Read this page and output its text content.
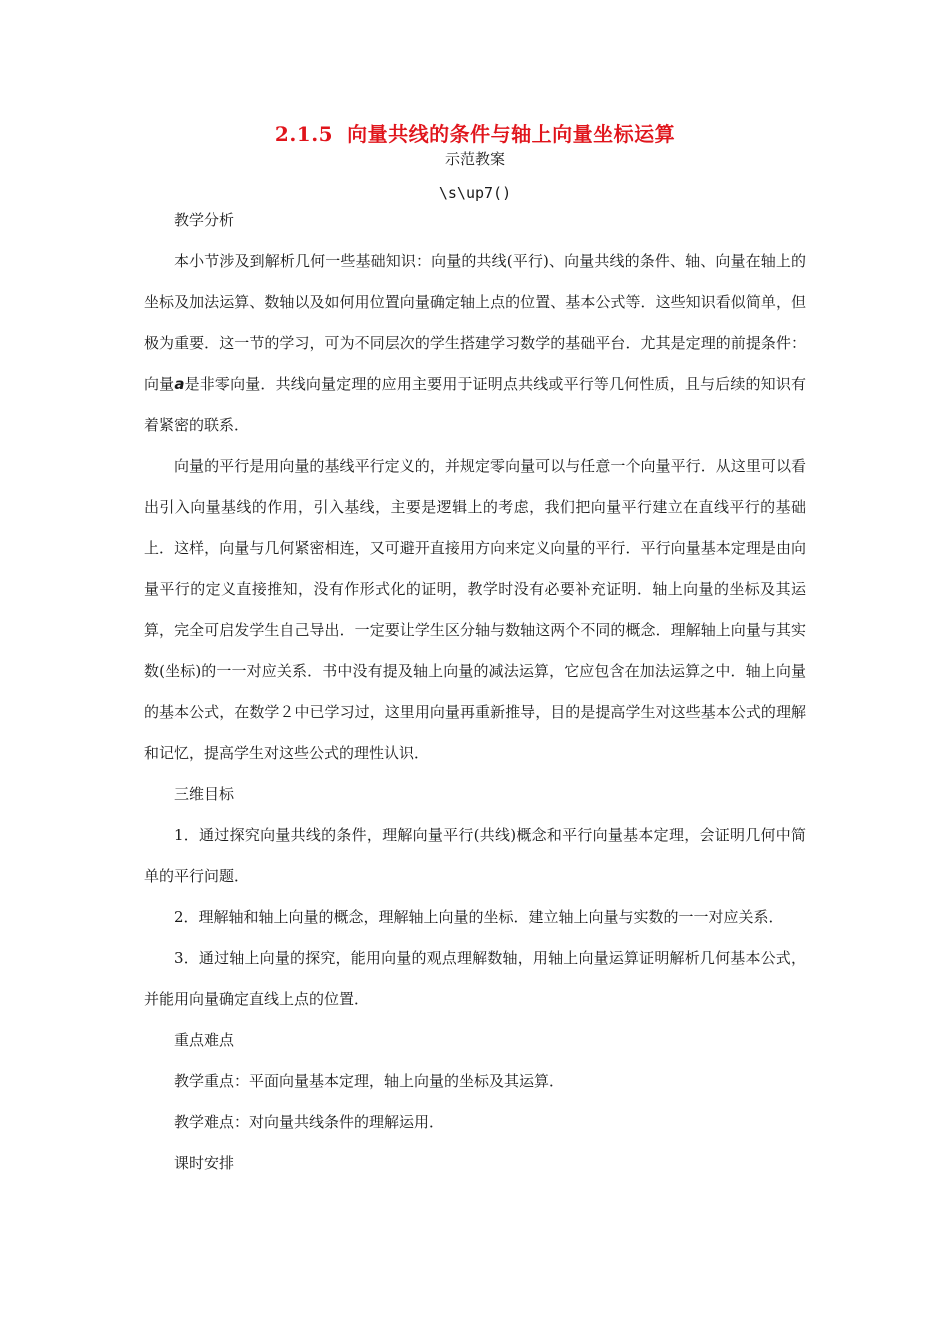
2.1.5 向量共线的条件与轴上向量坐标运算
示范教案
\s\up7()

教学分析

本小节涉及到解析几何一些基础知识：向量的共线(平行)、向量共线的条件、轴、向量在轴上的坐标及加法运算、数轴以及如何用位置向量确定轴上点的位置、基本公式等．这些知识看似简单，但极为重要．这一节的学习，可为不同层次的学生搭建学习数学的基础平台．尤其是定理的前提条件：向量a是非零向量．共线向量定理的应用主要用于证明点共线或平行等几何性质，且与后续的知识有着紧密的联系．

向量的平行是用向量的基线平行定义的，并规定零向量可以与任意一个向量平行．从这里可以看出引入向量基线的作用，引入基线，主要是逻辑上的考虑，我们把向量平行建立在直线平行的基础上．这样，向量与几何紧密相连，又可避开直接用方向来定义向量的平行．平行向量基本定理是由向量平行的定义直接推知，没有作形式化的证明，教学时没有必要补充证明．轴上向量的坐标及其运算，完全可启发学生自己导出．一定要让学生区分轴与数轴这两个不同的概念．理解轴上向量与其实数(坐标)的一一对应关系．书中没有提及轴上向量的减法运算，它应包含在加法运算之中．轴上向量的基本公式，在数学２中已学习过，这里用向量再重新推导，目的是提高学生对这些基本公式的理解和记忆，提高学生对这些公式的理性认识．

三维目标

1．通过探究向量共线的条件，理解向量平行(共线)概念和平行向量基本定理，会证明几何中简单的平行问题．

2．理解轴和轴上向量的概念，理解轴上向量的坐标．建立轴上向量与实数的一一对应关系．

3．通过轴上向量的探究，能用向量的观点理解数轴，用轴上向量运算证明解析几何基本公式，并能用向量确定直线上点的位置．

重点难点

教学重点：平面向量基本定理，轴上向量的坐标及其运算．

教学难点：对向量共线条件的理解运用．

课时安排
